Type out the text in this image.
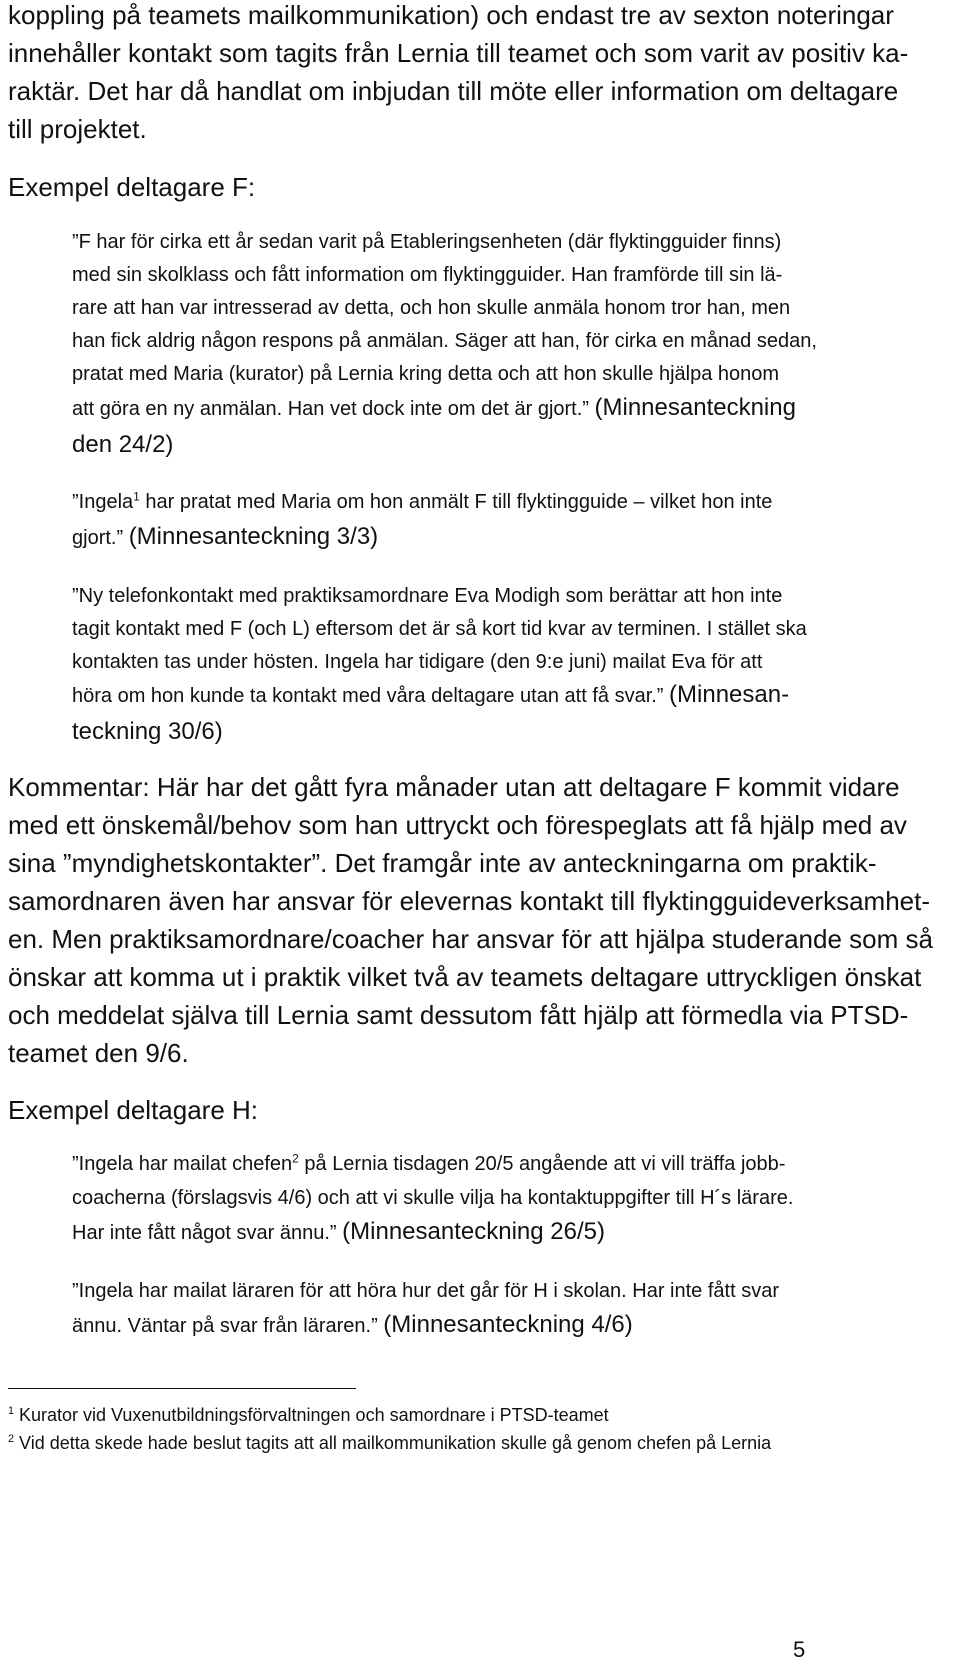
koppling på teamets mailkommunikation) och endast tre av sexton noteringar
innehåller kontakt som tagits från Lernia till teamet och som varit av positiv ka-
raktär. Det har då handlat om inbjudan till möte eller information om deltagare
till projektet.
Exempel deltagare F:
”F har för cirka ett år sedan varit på Etableringsenheten (där flyktingguider finns)
med sin skolklass och fått information om flyktingguider. Han framförde till sin lä-
rare att han var intresserad av detta, och hon skulle anmäla honom tror han, men
han fick aldrig någon respons på anmälan. Säger att han, för cirka en månad sedan,
pratat med Maria (kurator) på Lernia kring detta och att hon skulle hjälpa honom
att göra en ny anmälan. Han vet dock inte om det är gjort.” (Minnesanteckning
den 24/2)
”Ingela$^1$ har pratat med Maria om hon anmält F till flyktingguide – vilket hon inte
gjort.” (Minnesanteckning 3/3)
”Ny telefonkontakt med praktiksamordnare Eva Modigh som berättar att hon inte
tagit kontakt med F (och L) eftersom det är så kort tid kvar av terminen. I stället ska
kontakten tas under hösten. Ingela har tidigare (den 9:e juni) mailat Eva för att
höra om hon kunde ta kontakt med våra deltagare utan att få svar.” (Minnesan-
teckning 30/6)
Kommentar: Här har det gått fyra månader utan att deltagare F kommit vidare
med ett önskemål/behov som han uttryckt och förespeglats att få hjälp med av
sina ”myndighetskontakter”. Det framgår inte av anteckningarna om praktik-
samordnaren även har ansvar för elevernas kontakt till flyktingguideverksamhet-
en. Men praktiksamordnare/coacher har ansvar för att hjälpa studerande som så
önskar att komma ut i praktik vilket två av teamets deltagare uttryckligen önskat
och meddelat själva till Lernia samt dessutom fått hjälp att förmedla via PTSD-
teamet den 9/6.
Exempel deltagare H:
”Ingela har mailat chefen$^2$ på Lernia tisdagen 20/5 angående att vi vill träffa jobb-
coacherna (förslagsvis 4/6) och att vi skulle vilja ha kontaktuppgifter till H´s lärare.
Har inte fått något svar ännu.” (Minnesanteckning 26/5)
”Ingela har mailat läraren för att höra hur det går för H i skolan. Har inte fått svar
ännu. Väntar på svar från läraren.” (Minnesanteckning 4/6)
$^1$ Kurator vid Vuxenutbildningsförvaltningen och samordnare i PTSD-teamet
$^2$ Vid detta skede hade beslut tagits att all mailkommunikation skulle gå genom chefen på Lernia
5
